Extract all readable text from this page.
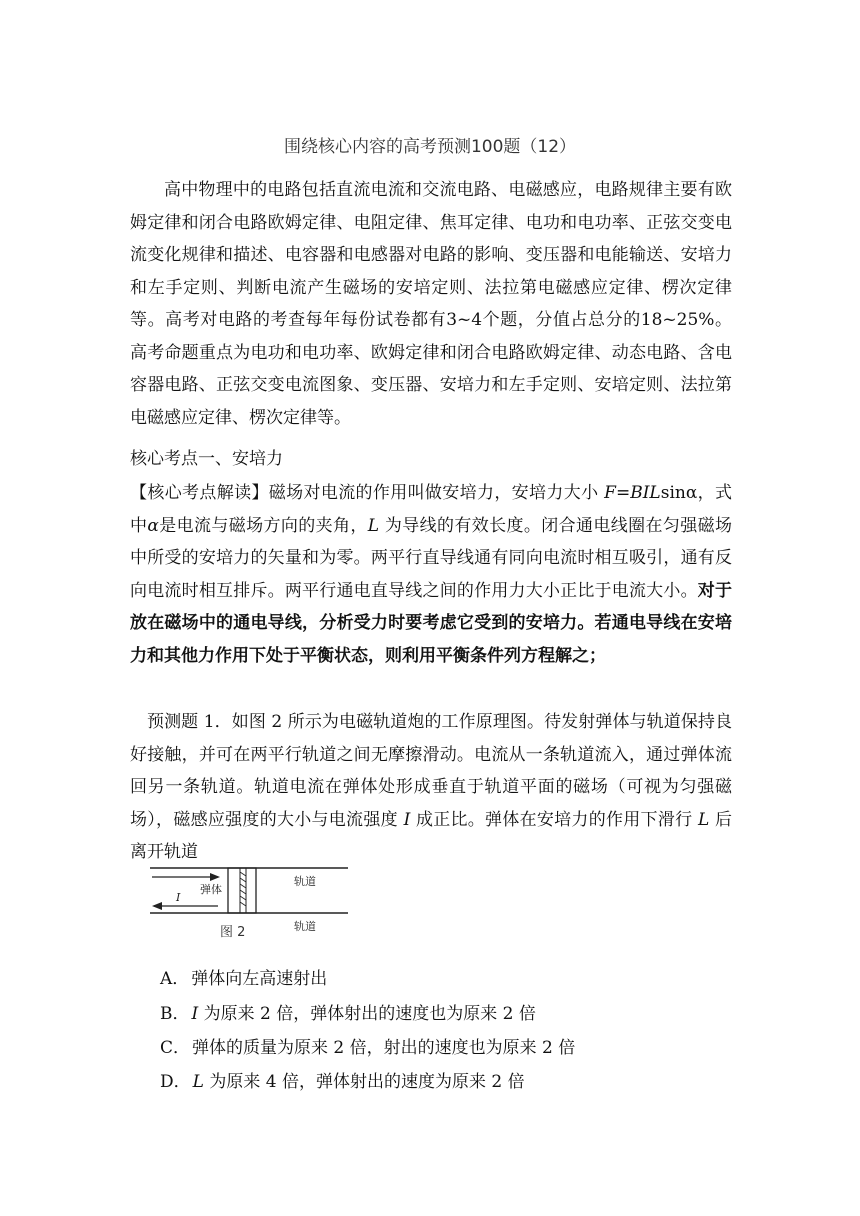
围绕核心内容的高考预测100题（12）
高中物理中的电路包括直流电流和交流电路、电磁感应，电路规律主要有欧姆定律和闭合电路欧姆定律、电阻定律、焦耳定律、电功和电功率、正弦交变电流变化规律和描述、电容器和电感器对电路的影响、变压器和电能输送、安培力和左手定则、判断电流产生磁场的安培定则、法拉第电磁感应定律、楞次定律等。高考对电路的考查每年每份试卷都有3~4个题，分值占总分的18~25%。高考命题重点为电功和电功率、欧姆定律和闭合电路欧姆定律、动态电路、含电容器电路、正弦交变电流图象、变压器、安培力和左手定则、安培定则、法拉第电磁感应定律、楞次定律等。
核心考点一、安培力
【核心考点解读】磁场对电流的作用叫做安培力，安培力大小 F=BILsinα，式中α是电流与磁场方向的夹角，L 为导线的有效长度。闭合通电线圈在匀强磁场中所受的安培力的矢量和为零。两平行直导线通有同向电流时相互吸引，通有反向电流时相互排斥。两平行通电直导线之间的作用力大小正比于电流大小。对于放在磁场中的通电导线，分析受力时要考虑它受到的安培力。若通电导线在安培力和其他力作用下处于平衡状态，则利用平衡条件列方程解之；
预测题 1．如图 2 所示为电磁轨道炮的工作原理图。待发射弹体与轨道保持良好接触，并可在两平行轨道之间无摩擦滑动。电流从一条轨道流入，通过弹体流回另一条轨道。轨道电流在弹体处形成垂直于轨道平面的磁场（可视为匀强磁场），磁感应强度的大小与电流强度 I 成正比。弹体在安培力的作用下滑行 L 后离开轨道
弹体
轨道
轨道
I
图 2
A． 弹体向左高速射出
B． I 为原来 2 倍，弹体射出的速度也为原来 2 倍
C． 弹体的质量为原来 2 倍，射出的速度也为原来 2 倍
D． L 为原来 4 倍，弹体射出的速度为原来 2 倍
